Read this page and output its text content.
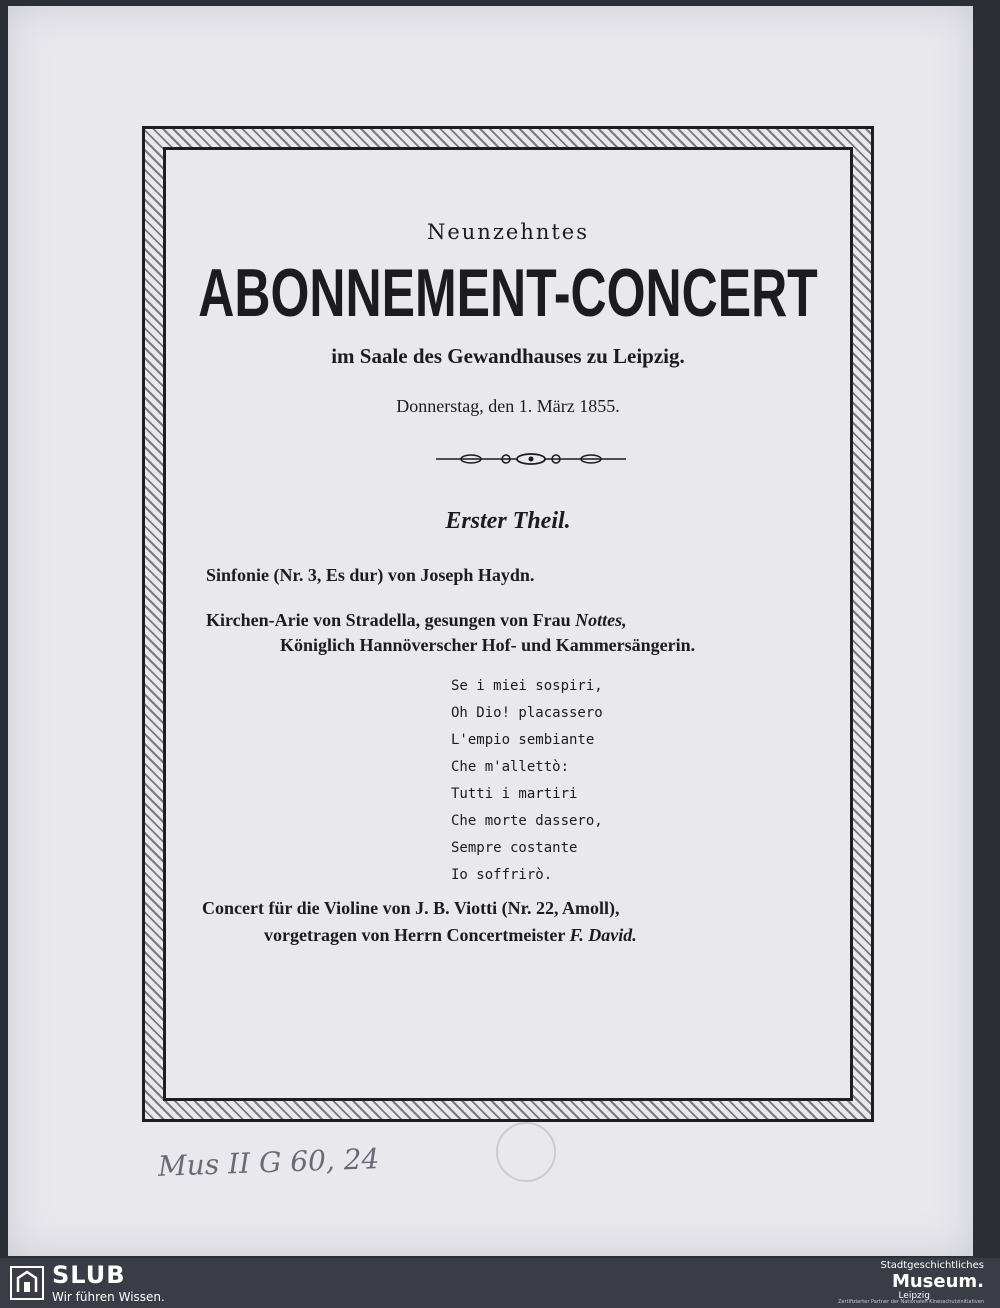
Neunzehntes
ABONNEMENT-CONCERT
im Saale des Gewandhauses zu Leipzig.
Donnerstag, den 1. März 1855.
Erster Theil.
Sinfonie (Nr. 3, Es dur) von Joseph Haydn.
Kirchen-Arie von Stradella, gesungen von Frau Nottes,
Königlich Hannöverscher Hof- und Kammersängerin.
Se i miei sospiri,
Oh Dio! placassero
L'empio sembiante
Che m'allettò:
Tutti i martiri
Che morte dassero,
Sempre costante
Io soffrirò.
Concert für die Violine von J. B. Viotti (Nr. 22, Amoll),
vorgetragen von Herrn Concertmeister F. David.
Mus II G 60, 24
SLUB
Wir führen Wissen.
Stadtgeschichtliches
Museum.
Leipzig
Zertifizierter Partner der Nationalen Kinesschutzinitiativen
